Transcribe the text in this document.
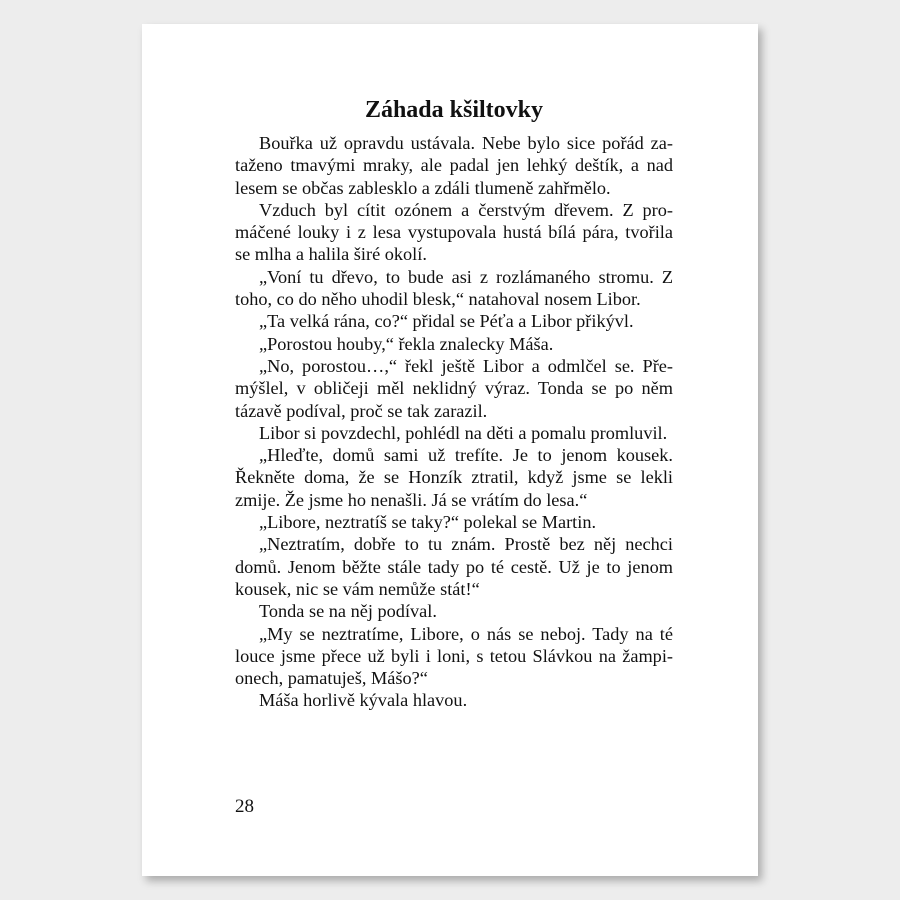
Záhada kšiltovky

Bouřka už opravdu ustávala. Nebe bylo sice pořád zataženo tmavými mraky, ale padal jen lehký deštík, a nad lesem se občas zablesklo a zdáli tlumeně zahřmělo.

Vzduch byl cítit ozónem a čerstvým dřevem. Z promáčené louky i z lesa vystupovala hustá bílá pára, tvořila se mlha a halila širé okolí.

„Voní tu dřevo, to bude asi z rozlámaného stromu. Z toho, co do něho uhodil blesk,“ natahoval nosem Libor.

„Ta velká rána, co?“ přidal se Péťa a Libor přikývl.

„Porostou houby,“ řekla znalecky Máša.

„No, porostou…,“ řekl ještě Libor a odmlčel se. Přemýšlel, v obličeji měl neklidný výraz. Tonda se po něm tázavě podíval, proč se tak zarazil.

Libor si povzdechl, pohlédl na děti a pomalu promluvil.

„Hleďte, domů sami už trefíte. Je to jenom kousek. Řekněte doma, že se Honzík ztratil, když jsme se lekli zmije. Že jsme ho nenašli. Já se vrátím do lesa.“

„Libore, neztratíš se taky?“ polekal se Martin.

„Neztratím, dobře to tu znám. Prostě bez něj nechci domů. Jenom běžte stále tady po té cestě. Už je to jenom kousek, nic se vám nemůže stát!“

Tonda se na něj podíval.

„My se neztratíme, Libore, o nás se neboj. Tady na té louce jsme přece už byli i loni, s tetou Slávkou na žampionech, pamatuješ, Mášo?“

Máša horlivě kývala hlavou.

28
